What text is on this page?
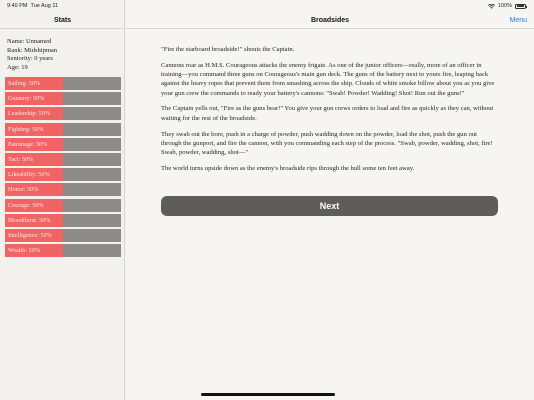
Broadsides	Menu

"Fire the starboard broadside!" shouts the Captain.

Cannons roar as H.M.S. Courageous attacks the enemy frigate. As one of the junior officers—really, more of an officer in training—you command three guns on Courageous's main gun deck. The guns of the battery next to yours fire, leaping back against the heavy ropes that prevent them from smashing across the ship. Clouds of white smoke billow about you as you give your gun crew the commands to ready your battery's cannons: "Swab! Powder! Wadding! Shot! Run out the guns!"

The Captain yells out, "Fire as the guns bear!" You give your gun crews orders to load and fire as quickly as they can, without waiting for the rest of the broadside.

They swab out the bore, push in a charge of powder, push wadding down on the powder, load the shot, push the gun out through the gunport, and fire the cannon, with you commanding each step of the process. "Swab, powder, wadding, shot, fire! Swab, powder, wadding, shot—"

The world turns upside down as the enemy's broadside rips through the hull some ten feet away.

Next
Stats
Name: Unnamed
Rank: Midshipman
Seniority: 0 years
Age: 19
Sailing: 50%
Gunnery: 50%
Leadership: 50%
Fighting: 50%
Patronage: 50%
Tact: 50%
Likeability: 50%
Honor: 50%
Courage: 50%
Bloodthirst: 50%
Intelligence: 50%
Wealth: 50%
9:40 PM Tue Aug 11	100%
